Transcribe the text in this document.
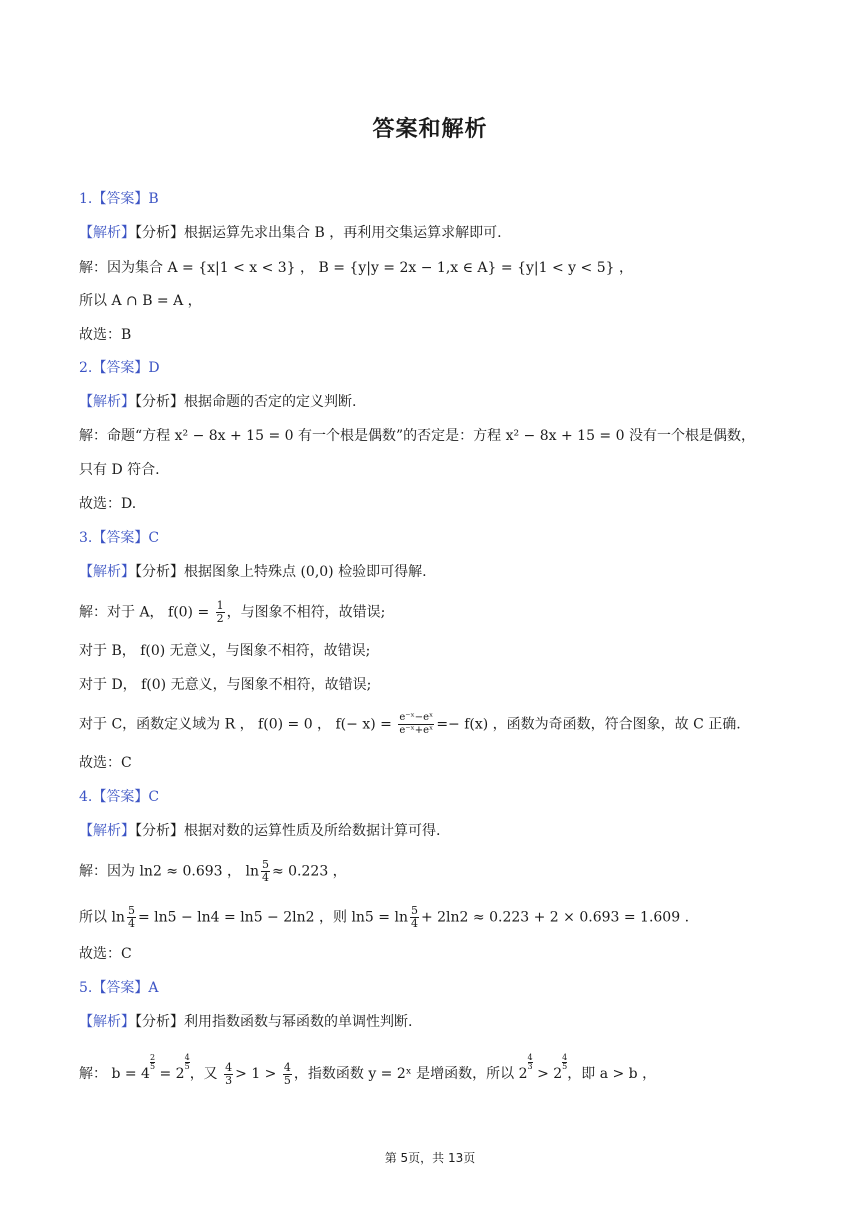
答案和解析
1.【答案】B
【解析】【分析】根据运算先求出集合 B ，再利用交集运算求解即可.
解：因为集合 A = {x|1 < x < 3} ， B = {y|y = 2x − 1,x ∈ A} = {y|1 < y < 5} ，
所以 A ∩ B = A ，
故选：B
2.【答案】D
【解析】【分析】根据命题的否定的定义判断.
解：命题“方程 x² − 8x + 15 = 0 有一个根是偶数”的否定是：方程 x² − 8x + 15 = 0 没有一个根是偶数，
只有 D 符合.
故选：D.
3.【答案】C
【解析】【分析】根据图象上特殊点 (0,0) 检验即可得解.
解：对于 A， $f(0) = \frac{1}{2}$ ，与图象不相符，故错误;
对于 B， f(0) 无意义，与图象不相符，故错误;
对于 D， f(0) 无意义，与图象不相符，故错误;
对于 C，函数定义域为 R ， f(0) = 0 ， $f(- x) = \frac{\text{e⁻ˣ−eˣ}}{\text{e⁻ˣ+eˣ}} =- f(x)$ ，函数为奇函数，符合图象，故 C 正确.
故选：C
4.【答案】C
【解析】【分析】根据对数的运算性质及所给数据计算可得.
解：因为 ln2 ≈ 0.693 ， $\ln \frac{5}{4} \approx 0.223$ ，
所以 $\ln \frac{5}{4} = \ln 5 - \ln 4 = \ln 5 - 2\ln 2$ ，则 $\ln 5 = \ln \frac{5}{4} + 2\ln 2 \approx 0.223 + 2 \times 0.693 = 1.609$ .
故选：C
5.【答案】A
【解析】【分析】利用指数函数与幂函数的单调性判断.
解： b = 4
$\frac{2}{5}$
= 2
$\frac{4}{5}$
，又 $\frac{4}{3} > 1 > \frac{4}{5}$ ，指数函数 y = 2ˣ 是增函数，所以 2
$\frac{4}{3}$
> 2
$\frac{4}{5}$
，即 a > b ，
第 5页，共 13页
